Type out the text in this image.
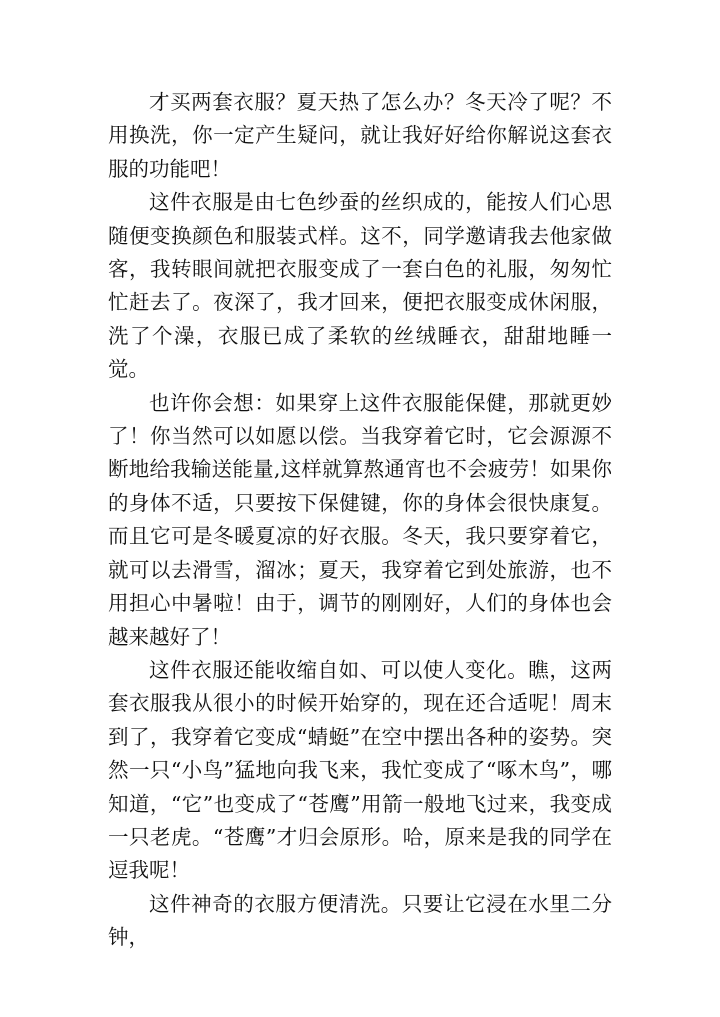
才买两套衣服？夏天热了怎么办？冬天冷了呢？不用换洗，你一定产生疑问，就让我好好给你解说这套衣服的功能吧！

这件衣服是由七色纱蚕的丝织成的，能按人们心思随便变换颜色和服装式样。这不，同学邀请我去他家做客，我转眼间就把衣服变成了一套白色的礼服，匆匆忙忙赶去了。夜深了，我才回来，便把衣服变成休闲服，洗了个澡，衣服已成了柔软的丝绒睡衣，甜甜地睡一觉。

也许你会想：如果穿上这件衣服能保健，那就更妙了！你当然可以如愿以偿。当我穿着它时，它会源源不断地给我输送能量,这样就算熬通宵也不会疲劳！如果你的身体不适，只要按下保健键，你的身体会很快康复。而且它可是冬暖夏凉的好衣服。冬天，我只要穿着它，就可以去滑雪，溜冰；夏天，我穿着它到处旅游，也不用担心中暑啦！由于，调节的刚刚好，人们的身体也会越来越好了！

这件衣服还能收缩自如、可以使人变化。瞧，这两套衣服我从很小的时候开始穿的，现在还合适呢！周末到了，我穿着它变成“蜻蜓”在空中摆出各种的姿势。突然一只“小鸟”猛地向我飞来，我忙变成了“啄木鸟”，哪知道，“它”也变成了“苍鹰”用箭一般地飞过来，我变成一只老虎。“苍鹰”才归会原形。哈，原来是我的同学在逗我呢！

这件神奇的衣服方便清洗。只要让它浸在水里二分钟，
